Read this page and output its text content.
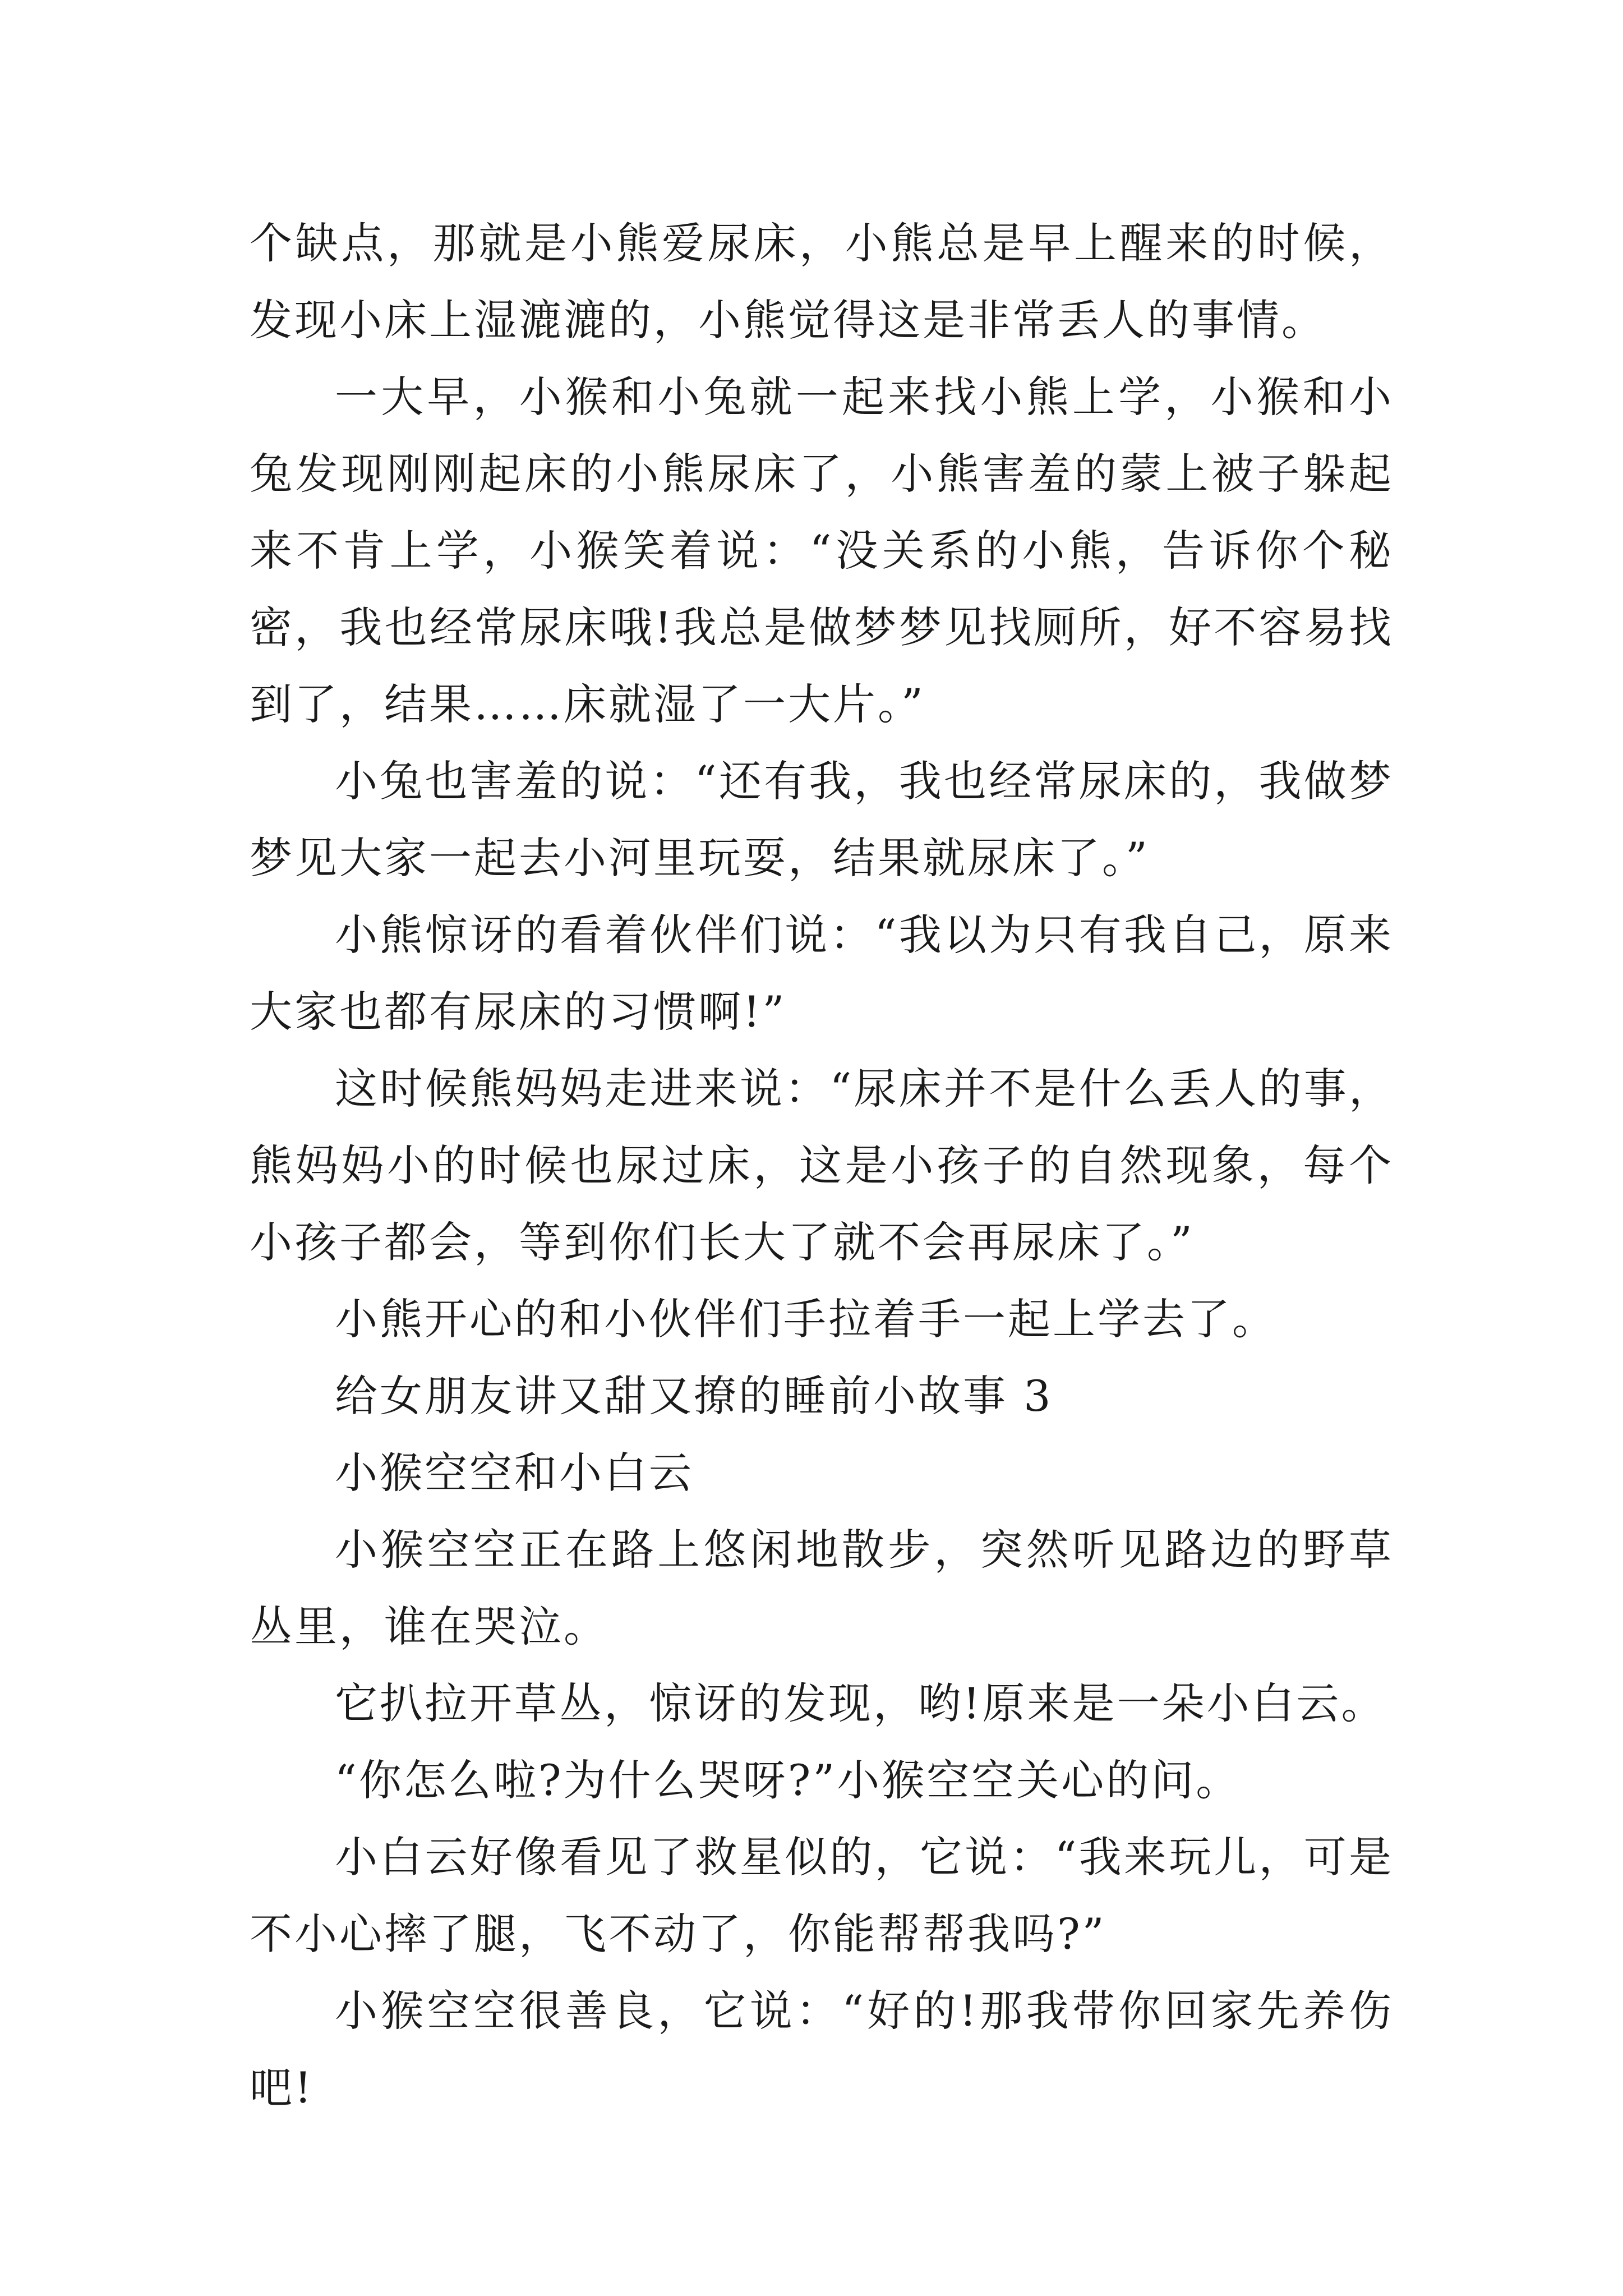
个缺点，那就是小熊爱尿床，小熊总是早上醒来的时候，发现小床上湿漉漉的，小熊觉得这是非常丢人的事情。

一大早，小猴和小兔就一起来找小熊上学，小猴和小兔发现刚刚起床的小熊尿床了，小熊害羞的蒙上被子躲起来不肯上学，小猴笑着说：“没关系的小熊，告诉你个秘密，我也经常尿床哦!我总是做梦梦见找厕所，好不容易找到了，结果……床就湿了一大片。”

小兔也害羞的说：“还有我，我也经常尿床的，我做梦梦见大家一起去小河里玩耍，结果就尿床了。”

小熊惊讶的看着伙伴们说：“我以为只有我自己，原来大家也都有尿床的习惯啊!”

这时候熊妈妈走进来说：“尿床并不是什么丢人的事，熊妈妈小的时候也尿过床，这是小孩子的自然现象，每个小孩子都会，等到你们长大了就不会再尿床了。”

小熊开心的和小伙伴们手拉着手一起上学去了。

给女朋友讲又甜又撩的睡前小故事 3

小猴空空和小白云

小猴空空正在路上悠闲地散步，突然听见路边的野草丛里，谁在哭泣。

它扒拉开草丛，惊讶的发现，哟!原来是一朵小白云。

“你怎么啦?为什么哭呀?”小猴空空关心的问。

小白云好像看见了救星似的，它说：“我来玩儿，可是不小心摔了腿，飞不动了，你能帮帮我吗?”

小猴空空很善良，它说：“好的!那我带你回家先养伤吧!
